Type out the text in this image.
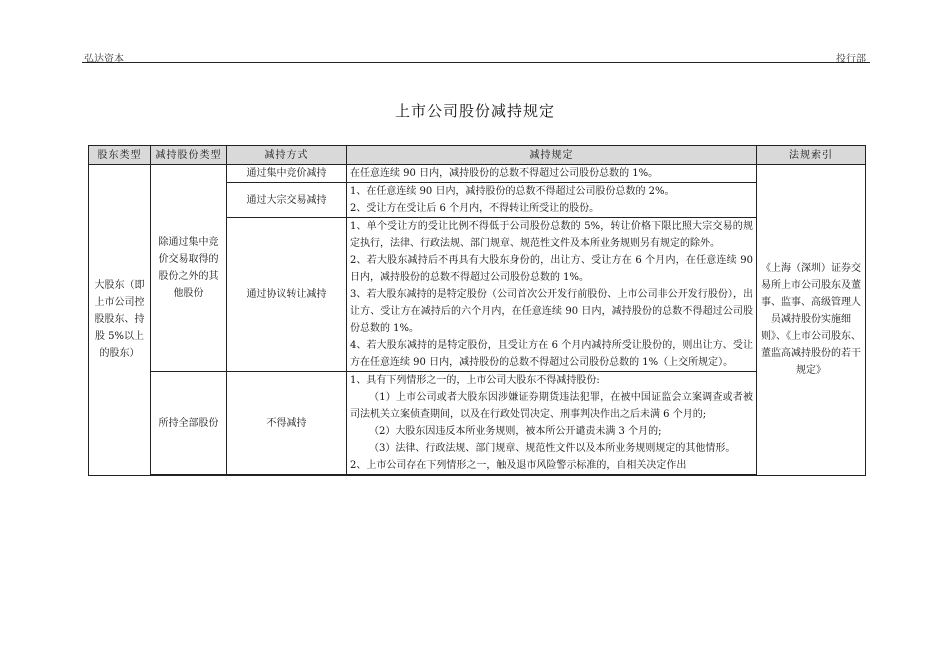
弘达资本	投行部
上市公司股份减持规定
股东类型	减持股份类型	减持方式	减持规定	法规索引
大股东（即上市公司控股股东、持股 5%以上的股东）	除通过集中竞价交易取得的股份之外的其他股份	通过集中竞价减持	在任意连续 90 日内，减持股份的总数不得超过公司股份总数的 1%。	《上海（深圳）证券交易所上市公司股东及董事、监事、高级管理人员减持股份实施细则》、《上市公司股东、董监高减持股份的若干规定》
		通过大宗交易减持	1、在任意连续 90 日内，减持股份的总数不得超过公司股份总数的 2%。

2、受让方在受让后 6 个月内，不得转让所受让的股份。	

		通过协议转让减持	1、单个受让方的受让比例不得低于公司股份总数的 5%，转让价格下限比照大宗交易的规定执行，法律、行政法规、部门规章、规范性文件及本所业务规则另有规定的除外。

2、若大股东减持后不再具有大股东身份的，出让方、受让方在 6 个月内，在任意连续 90 日内，减持股份的总数不得超过公司股份总数的 1%。

3、若大股东减持的是特定股份（公司首次公开发行前股份、上市公司非公开发行股份），出让方、受让方在减持后的六个月内，在任意连续 90 日内，减持股份的总数不得超过公司股份总数的 1%。

4、若大股东减持的是特定股份，且受让方在 6 个月内减持所受让股份的，则出让方、受让方在任意连续 90 日内，减持股份的总数不得超过公司股份总数的 1%（上交所规定）。	

	所持全部股份	不得减持	1、具有下列情形之一的，上市公司大股东不得减持股份:

（1）上市公司或者大股东因涉嫌证券期货违法犯罪，在被中国证监会立案调查或者被司法机关立案侦查期间，以及在行政处罚决定、刑事判决作出之后未满 6 个月的;

（2）大股东因违反本所业务规则，被本所公开谴责未满 3 个月的;

（3）法律、行政法规、部门规章、规范性文件以及本所业务规则规定的其他情形。

2、上市公司存在下列情形之一，触及退市风险警示标准的，自相关决定作出	
